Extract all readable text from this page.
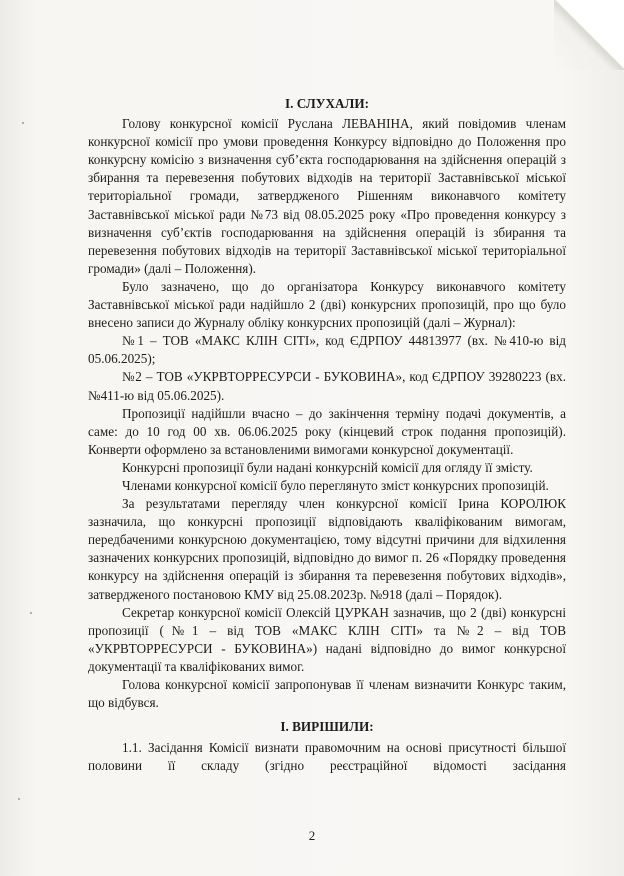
І. СЛУХАЛИ:

Голову конкурсної комісії Руслана ЛЕВАНІНА, який повідомив членам конкурсної комісії про умови проведення Конкурсу відповідно до Положення про конкурсну комісію з визначення суб’єкта господарювання на здійснення операцій з збирання та перевезення побутових відходів на території Заставнівської міської територіальної громади, затвердженого Рішенням виконавчого комітету Заставнівської міської ради №73 від 08.05.2025 року «Про проведення конкурсу з визначення суб’єктів господарювання на здійснення операцій із збирання та перевезення побутових відходів на території Заставнівської міської територіальної громади» (далі – Положення).

Було зазначено, що до організатора Конкурсу виконавчого комітету Заставнівської міської ради надійшло 2 (дві) конкурсних пропозицій, про що було внесено записи до Журналу обліку конкурсних пропозицій (далі – Журнал):

№1 – ТОВ «МАКС КЛІН СІТІ», код ЄДРПОУ 44813977 (вх. №410-ю від 05.06.2025);

№2 – ТОВ «УКРВТОРРЕСУРСИ - БУКОВИНА», код ЄДРПОУ 39280223 (вх. №411-ю від 05.06.2025).

Пропозиції надійшли вчасно – до закінчення терміну подачі документів, а саме: до 10 год 00 хв. 06.06.2025 року (кінцевий строк подання пропозицій). Конверти оформлено за встановленими вимогами конкурсної документації.

Конкурсні пропозиції були надані конкурсній комісії для огляду її змісту.

Членами конкурсної комісії було переглянуто зміст конкурсних пропозицій.

За результатами перегляду член конкурсної комісії Ірина КОРОЛЮК зазначила, що конкурсні пропозиції відповідають кваліфікованим вимогам, передбаченими конкурсною документацією, тому відсутні причини для відхилення зазначених конкурсних пропозицій, відповідно до вимог п. 26 «Порядку проведення конкурсу на здійснення операцій із збирання та перевезення побутових відходів», затвердженого постановою КМУ від 25.08.2023р. №918 (далі – Порядок).

Секретар конкурсної комісії Олексій ЦУРКАН зазначив, що 2 (дві) конкурсні пропозиції (№1 – від ТОВ «МАКС КЛІН СІТІ» та №2 – від ТОВ «УКРВТОРРЕСУРСИ - БУКОВИНА») надані відповідно до вимог конкурсної документації та кваліфікованих вимог.

Голова конкурсної комісії запропонував її членам визначити Конкурс таким, що відбувся.

І. ВИРІШИЛИ:

1.1. Засідання Комісії визнати правомочним на основі присутності більшої половини її складу (згідно реєстраційної відомості засідання

2
